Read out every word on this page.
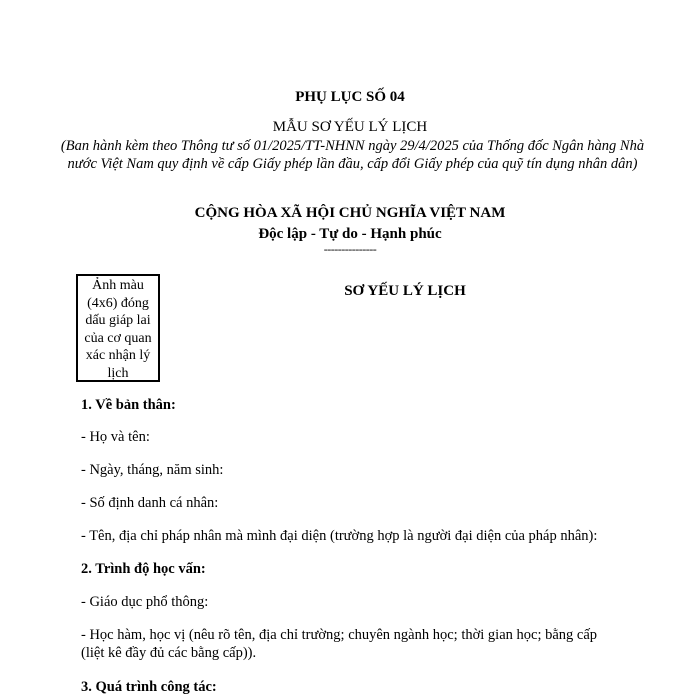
PHỤ LỤC SỐ 04
MẪU SƠ YẾU LÝ LỊCH
(Ban hành kèm theo Thông tư số 01/2025/TT-NHNN ngày 29/4/2025 của Thống đốc Ngân hàng Nhà nước Việt Nam quy định về cấp Giấy phép lần đầu, cấp đổi Giấy phép của quỹ tín dụng nhân dân)
CỘNG HÒA XÃ HỘI CHỦ NGHĨA VIỆT NAM
Độc lập - Tự do - Hạnh phúc
---------------
Ảnh màu (4x6) đóng dấu giáp lai của cơ quan xác nhận lý lịch
SƠ YẾU LÝ LỊCH
1. Về bản thân:
- Họ và tên:
- Ngày, tháng, năm sinh:
- Số định danh cá nhân:
- Tên, địa chỉ pháp nhân mà mình đại diện (trường hợp là người đại diện của pháp nhân):
2. Trình độ học vấn:
- Giáo dục phổ thông:
- Học hàm, học vị (nêu rõ tên, địa chỉ trường; chuyên ngành học; thời gian học; bằng cấp (liệt kê đầy đủ các bằng cấp)).
3. Quá trình công tác:
